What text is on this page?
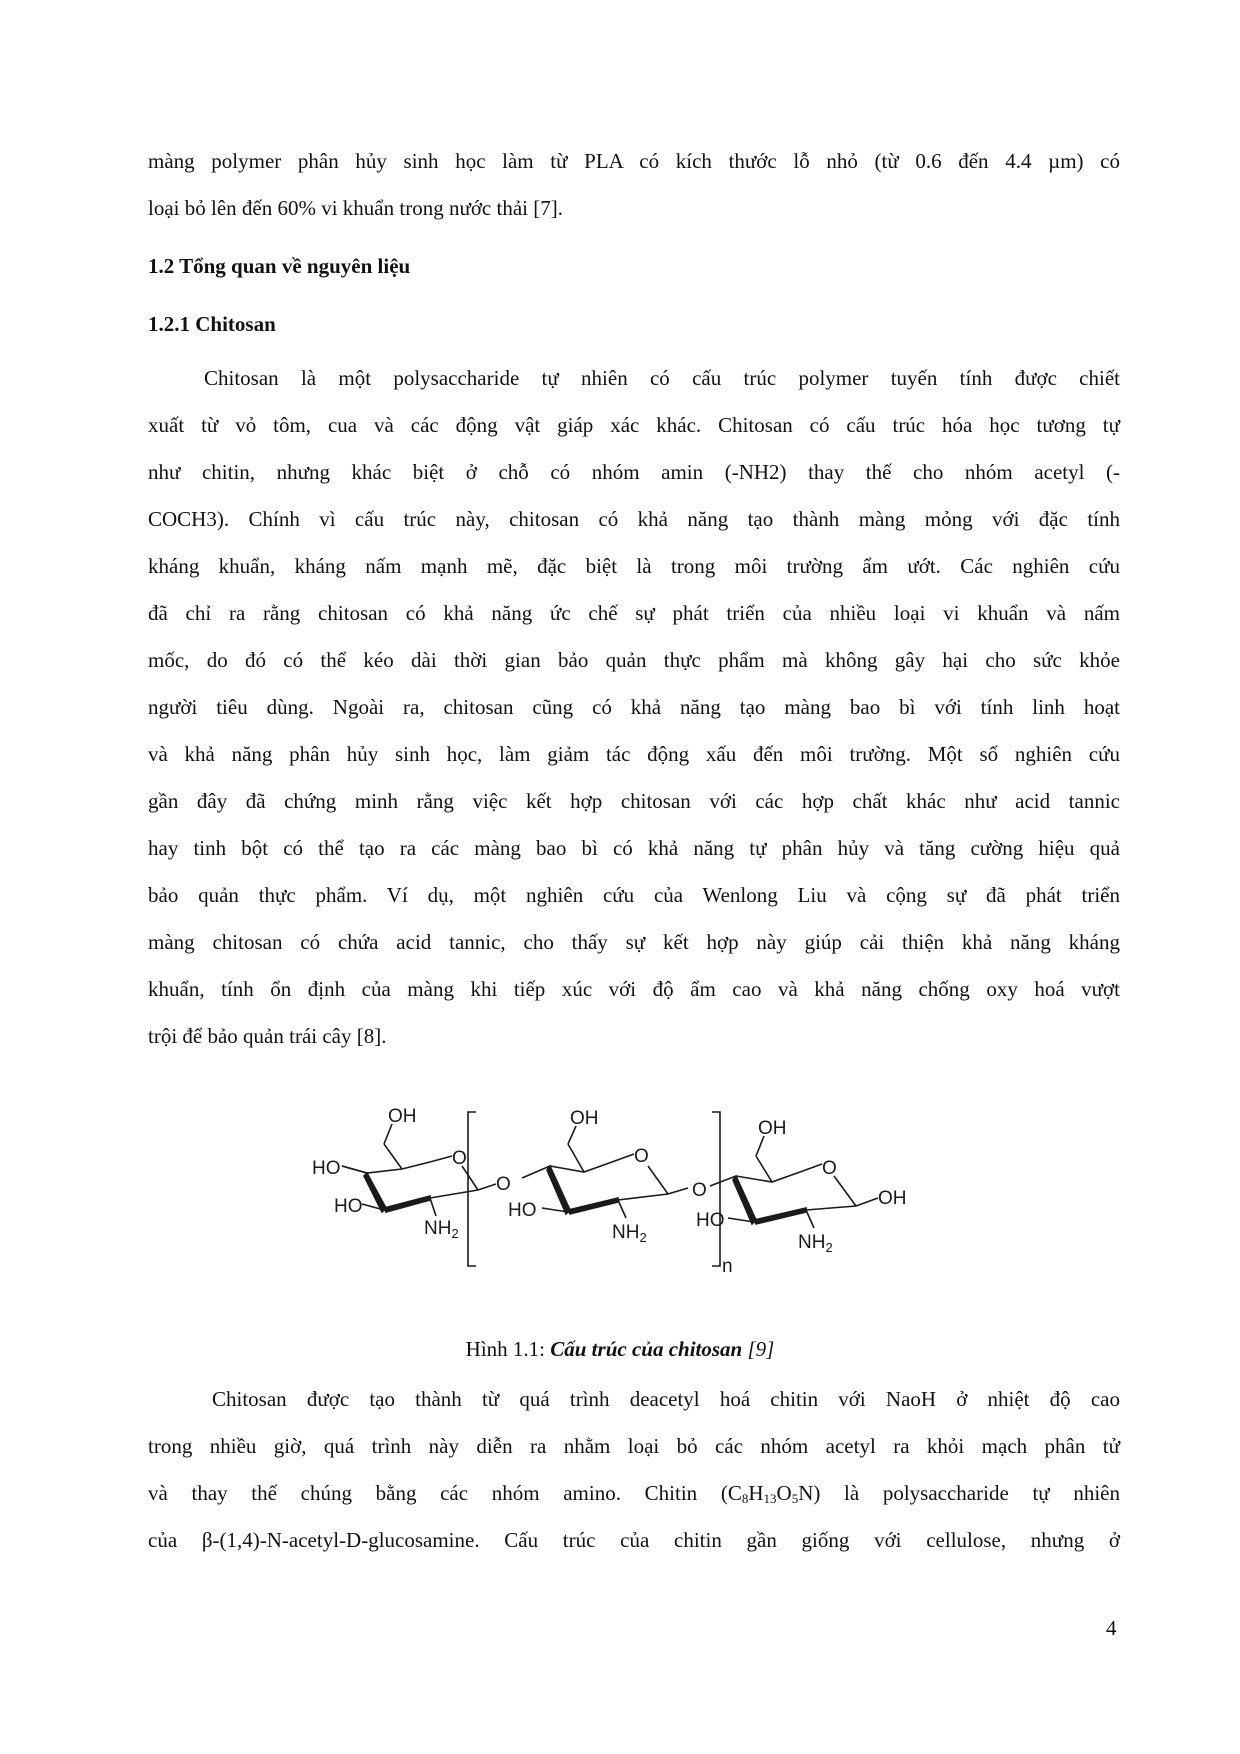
màng polymer phân hủy sinh học làm từ PLA có kích thước lỗ nhỏ (từ 0.6 đến 4.4 µm) có
loại bỏ lên đến 60% vi khuẩn trong nước thải [7].
1.2 Tổng quan về nguyên liệu
1.2.1 Chitosan
Chitosan là một polysaccharide tự nhiên có cấu trúc polymer tuyến tính được chiết
xuất từ vỏ tôm, cua và các động vật giáp xác khác. Chitosan có cấu trúc hóa học tương tự
như chitin, nhưng khác biệt ở chỗ có nhóm amin (-NH2) thay thế cho nhóm acetyl (-
COCH3). Chính vì cấu trúc này, chitosan có khả năng tạo thành màng mỏng với đặc tính
kháng khuẩn, kháng nấm mạnh mẽ, đặc biệt là trong môi trường ẩm ướt. Các nghiên cứu
đã chỉ ra rằng chitosan có khả năng ức chế sự phát triển của nhiều loại vi khuẩn và nấm
mốc, do đó có thể kéo dài thời gian bảo quản thực phẩm mà không gây hại cho sức khỏe
người tiêu dùng. Ngoài ra, chitosan cũng có khả năng tạo màng bao bì với tính linh hoạt
và khả năng phân hủy sinh học, làm giảm tác động xấu đến môi trường. Một số nghiên cứu
gần đây đã chứng minh rằng việc kết hợp chitosan với các hợp chất khác như acid tannic
hay tinh bột có thể tạo ra các màng bao bì có khả năng tự phân hủy và tăng cường hiệu quả
bảo quản thực phẩm. Ví dụ, một nghiên cứu của Wenlong Liu và cộng sự đã phát triển
màng chitosan có chứa acid tannic, cho thấy sự kết hợp này giúp cải thiện khả năng kháng
khuẩn, tính ổn định của màng khi tiếp xúc với độ ẩm cao và khả năng chống oxy hoá vượt
trội để bảo quản trái cây [8].
OH
O
HO
HO
$NH_2$
O
OH
O
HO
$NH_2$
n
O
OH
O
HO
OH
$NH_2$
Hình 1.1: Cấu trúc của chitosan [9]
Chitosan được tạo thành từ quá trình deacetyl hoá chitin với NaoH ở nhiệt độ cao
trong nhiều giờ, quá trình này diễn ra nhằm loại bỏ các nhóm acetyl ra khỏi mạch phân tử
và thay thế chúng bằng các nhóm amino. Chitin $(C_8H_{13}O_5N)$ là polysaccharide tự nhiên
của β-(1,4)-N-acetyl-D-glucosamine. Cấu trúc của chitin gần giống với cellulose, nhưng ở
4
